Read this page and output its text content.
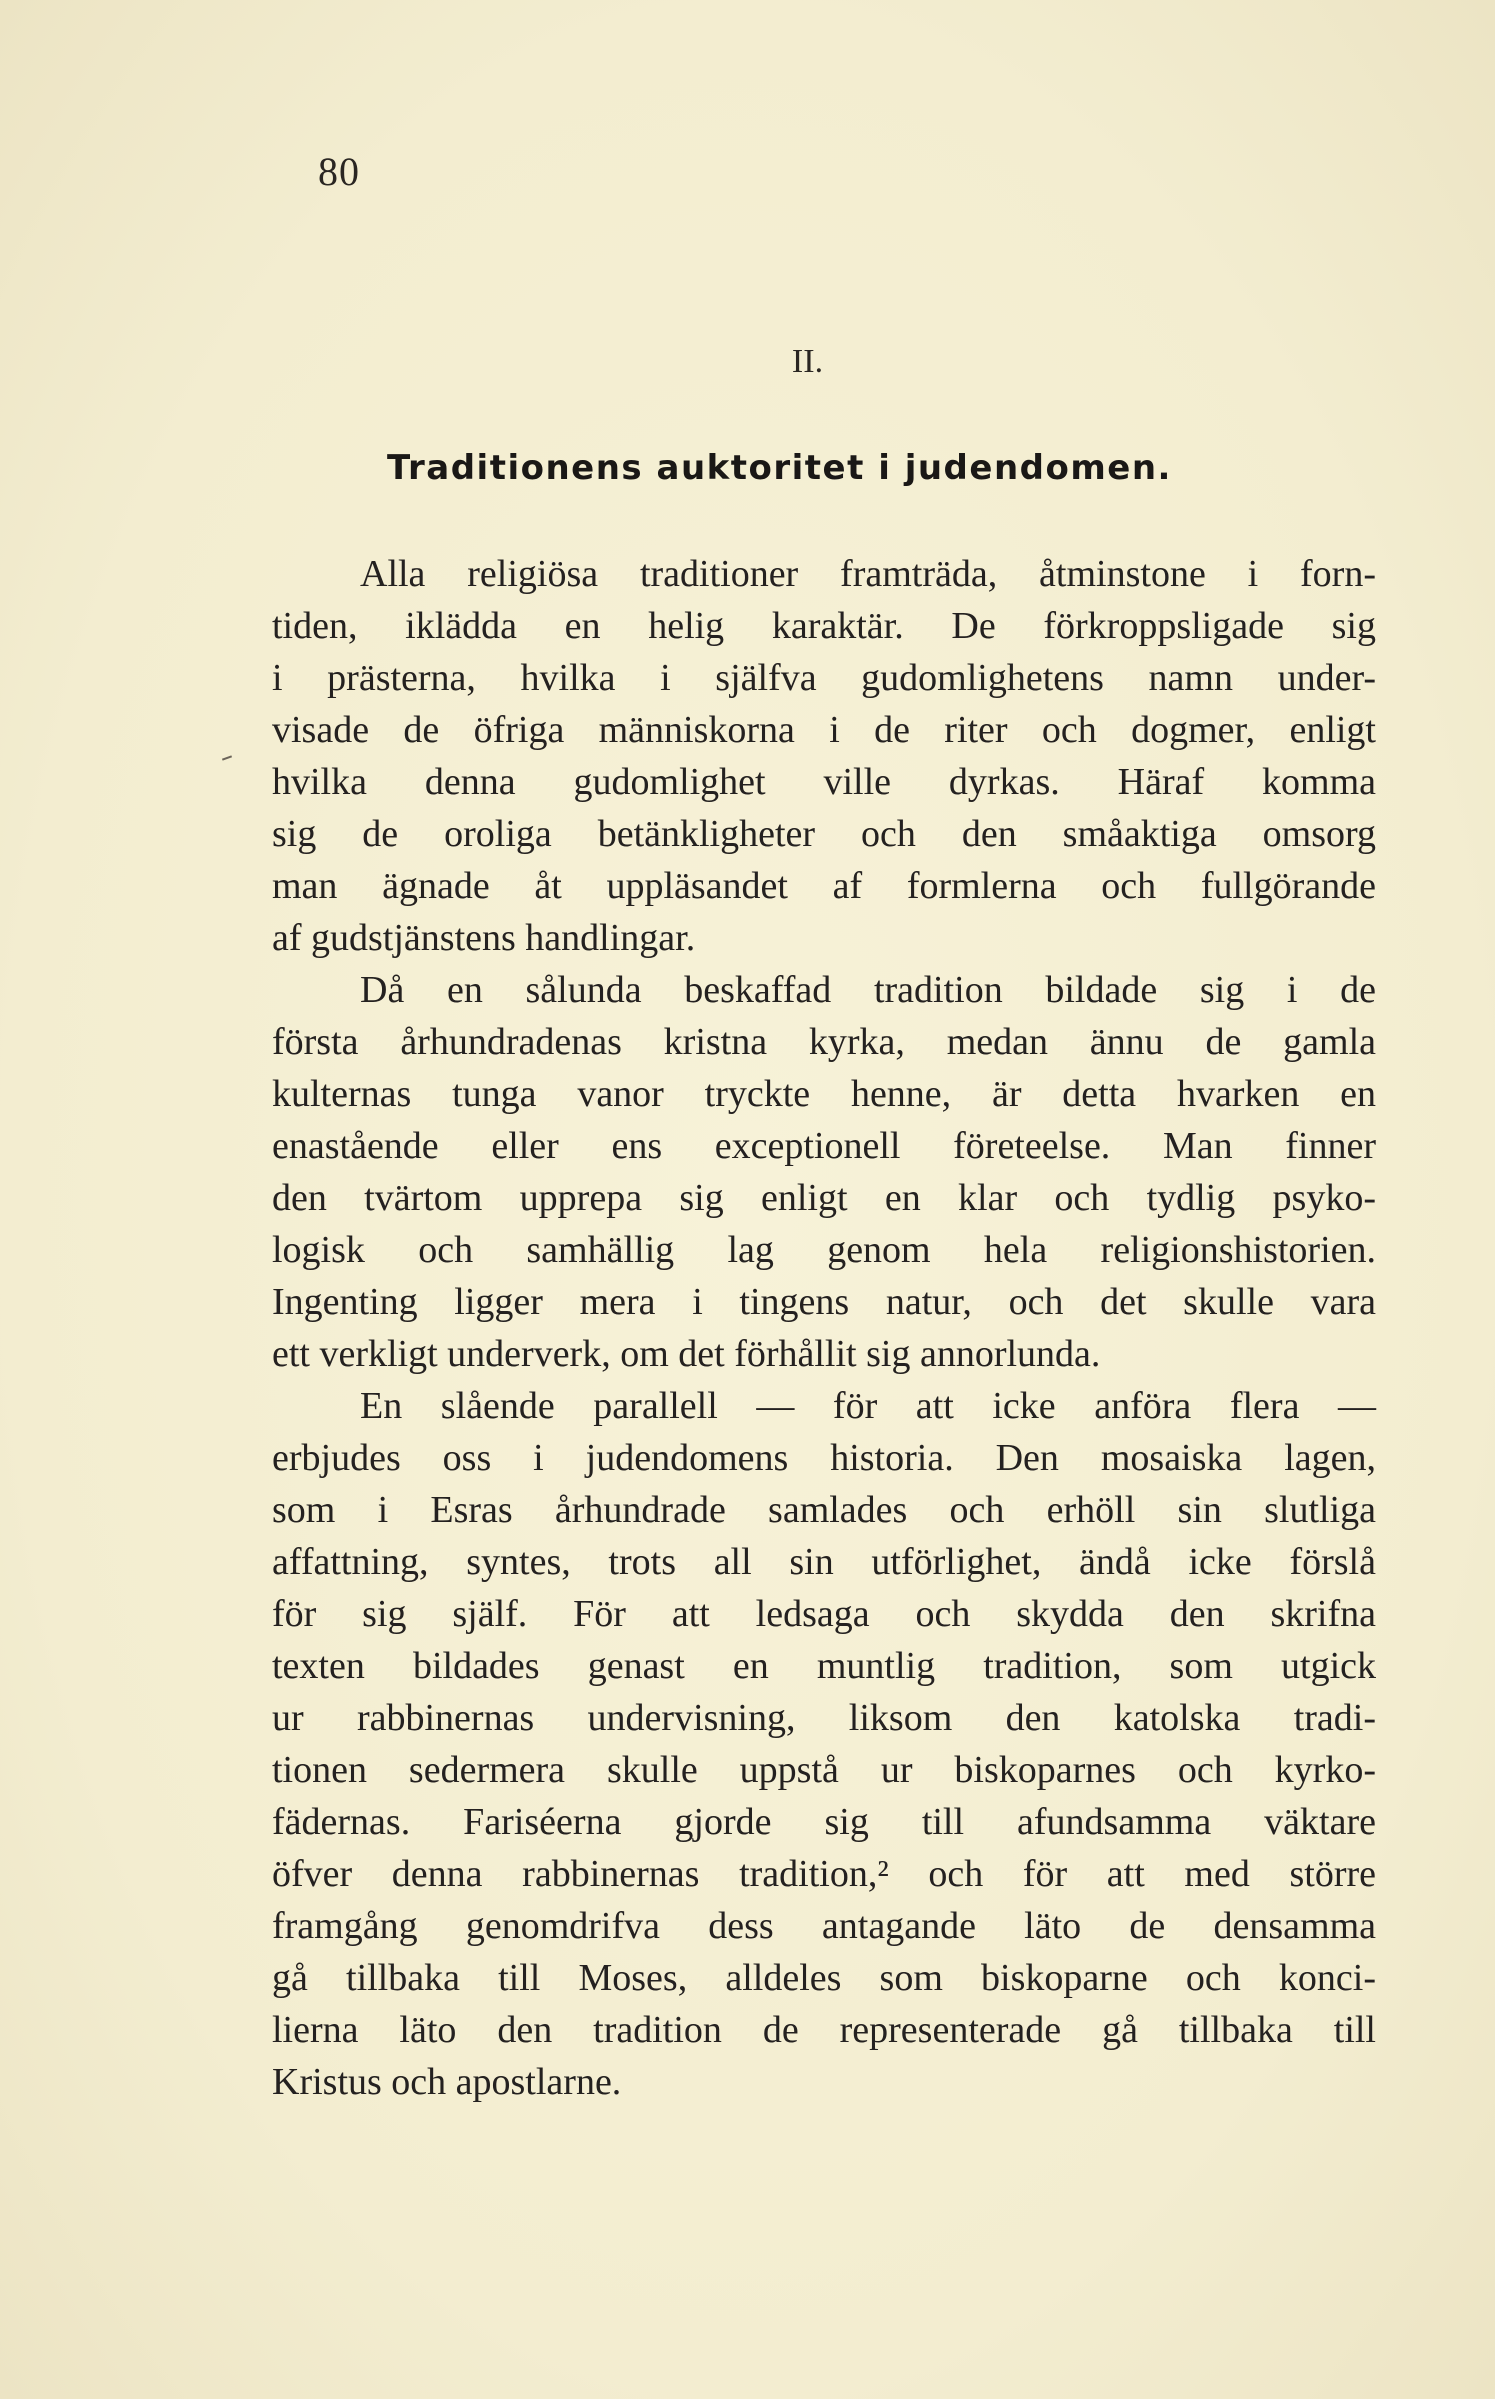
80
II.
Traditionens auktoritet i judendomen.
Alla religiösa traditioner framträda, åtminstone i forn-
tiden, iklädda en helig karaktär. De förkroppsligade sig
i prästerna, hvilka i själfva gudomlighetens namn under-
visade de öfriga människorna i de riter och dogmer, enligt
hvilka denna gudomlighet ville dyrkas. Häraf komma
sig de oroliga betänkligheter och den småaktiga omsorg
man ägnade åt uppläsandet af formlerna och fullgörande
af gudstjänstens handlingar.
Då en sålunda beskaffad tradition bildade sig i de
första århundradenas kristna kyrka, medan ännu de gamla
kulternas tunga vanor tryckte henne, är detta hvarken en
enastående eller ens exceptionell företeelse. Man finner
den tvärtom upprepa sig enligt en klar och tydlig psyko-
logisk och samhällig lag genom hela religionshistorien.
Ingenting ligger mera i tingens natur, och det skulle vara
ett verkligt underverk, om det förhållit sig annorlunda.
En slående parallell — för att icke anföra flera —
erbjudes oss i judendomens historia. Den mosaiska lagen,
som i Esras århundrade samlades och erhöll sin slutliga
affattning, syntes, trots all sin utförlighet, ändå icke förslå
för sig själf. För att ledsaga och skydda den skrifna
texten bildades genast en muntlig tradition, som utgick
ur rabbinernas undervisning, liksom den katolska tradi-
tionen sedermera skulle uppstå ur biskoparnes och kyrko-
fädernas. Fariséerna gjorde sig till afundsamma väktare
öfver denna rabbinernas tradition,² och för att med större
framgång genomdrifva dess antagande läto de densamma
gå tillbaka till Moses, alldeles som biskoparne och konci-
lierna läto den tradition de representerade gå tillbaka till
Kristus och apostlarne.
